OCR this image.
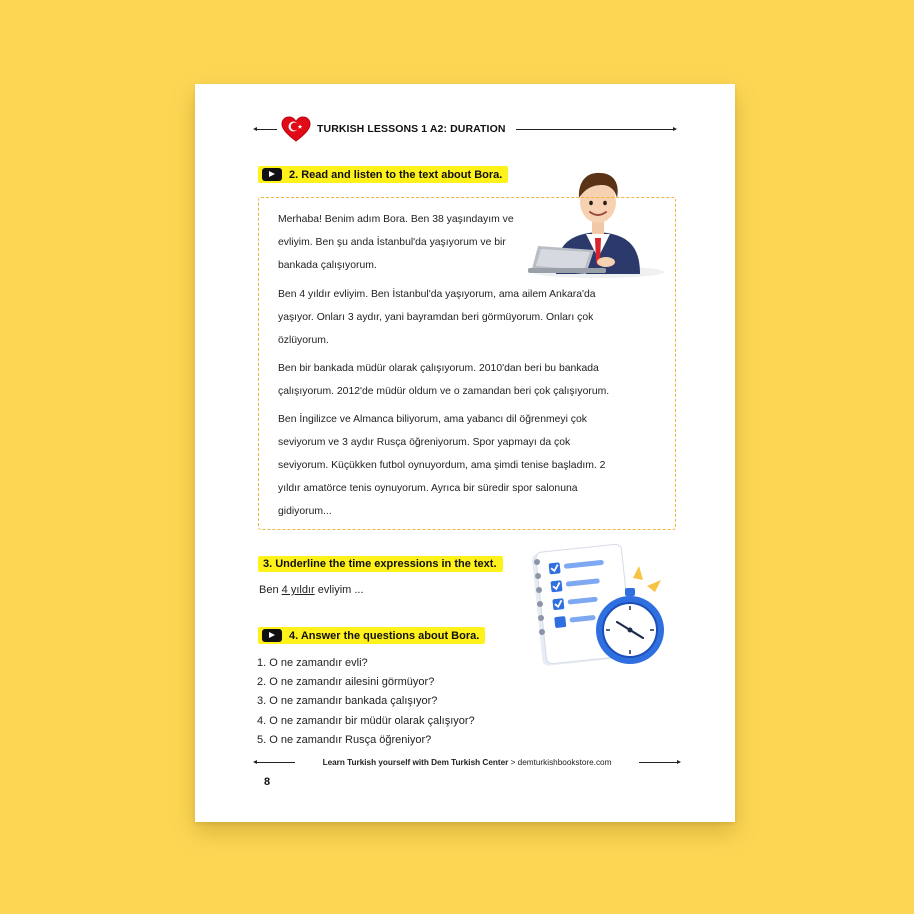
TURKISH LESSONS 1 A2: DURATION
2. Read and listen to the text about Bora.

Merhaba! Benim adım Bora. Ben 38 yaşındayım ve
evliyim. Ben şu anda İstanbul'da yaşıyorum ve bir
bankada çalışıyorum.

Ben 4 yıldır evliyim. Ben İstanbul'da yaşıyorum, ama ailem Ankara'da
yaşıyor. Onları 3 aydır, yani bayramdan beri görmüyorum. Onları çok
özlüyorum.

Ben bir bankada müdür olarak çalışıyorum. 2010'dan beri bu bankada
çalışıyorum. 2012'de müdür oldum ve o zamandan beri çok çalışıyorum.

Ben İngilizce ve Almanca biliyorum, ama yabancı dil öğrenmeyi çok
seviyorum ve 3 aydır Rusça öğreniyorum. Spor yapmayı da çok
seviyorum. Küçükken futbol oynuyordum, ama şimdi tenise başladım. 2
yıldır amatörce tenis oynuyorum. Ayrıca bir süredir spor salonuna
gidiyorum...

3. Underline the time expressions in the text.
Ben 4 yıldır evliyim ...
4. Answer the questions about Bora.
1. O ne zamandır evli?
2. O ne zamandır ailesini görmüyor?
3. O ne zamandır bankada çalışıyor?
4. O ne zamandır bir müdür olarak çalışıyor?
5. O ne zamandır Rusça öğreniyor?
Learn Turkish yourself with Dem Turkish Center > demturkishbookstore.com
8
